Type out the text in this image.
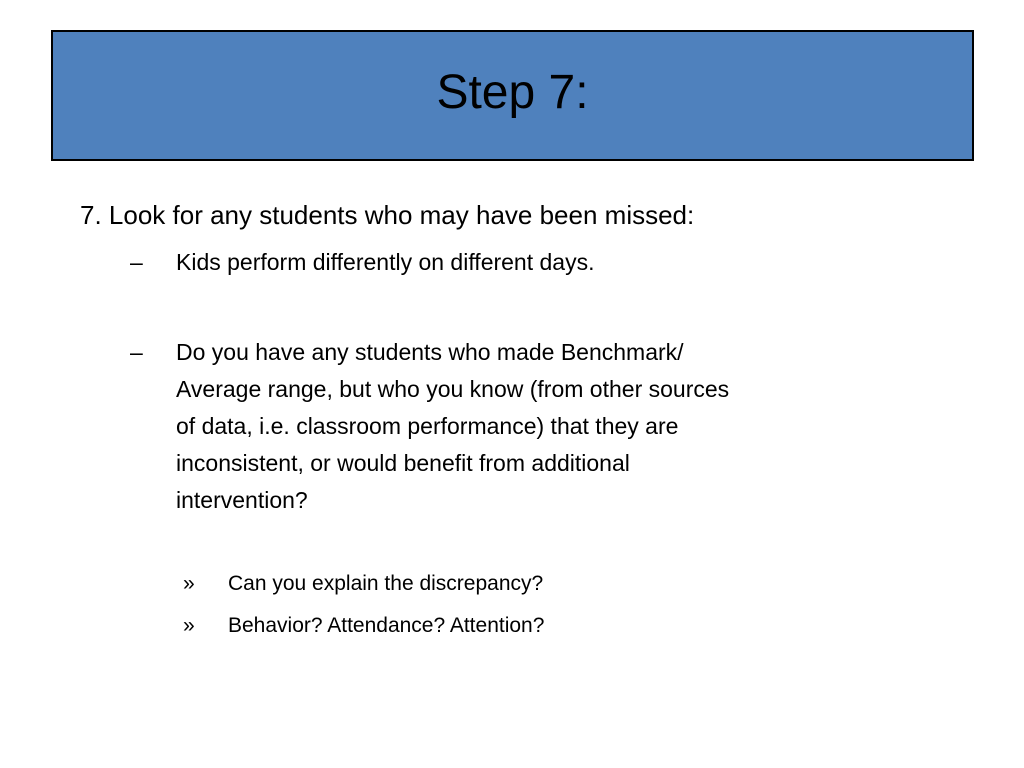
Step 7:
7. Look for any students who may have been missed:
– Kids perform differently on different days.
– Do you have any students who made Benchmark/
Average range, but who you know (from other sources
of data, i.e. classroom performance) that they are
inconsistent, or would benefit from additional
intervention?
» Can you explain the discrepancy?
» Behavior? Attendance? Attention?
